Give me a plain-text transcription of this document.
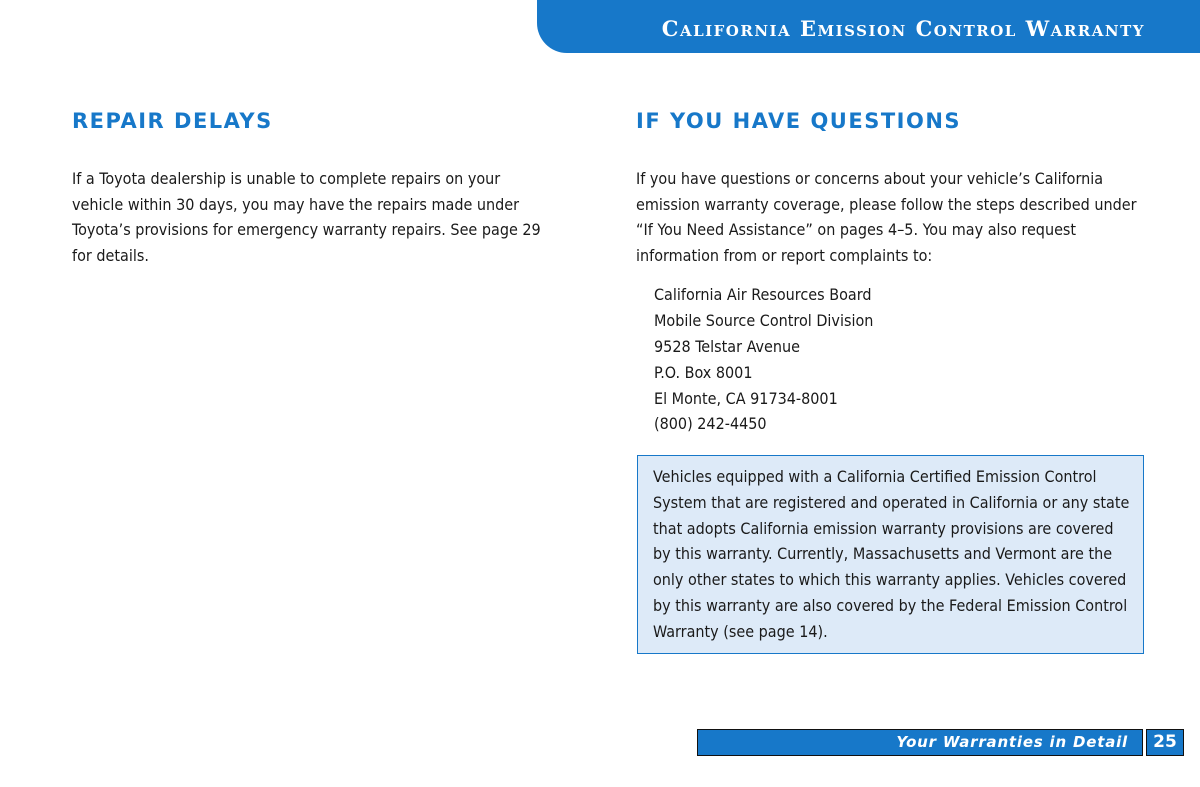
California Emission Control Warranty
REPAIR DELAYS

If a Toyota dealership is unable to complete repairs on your vehicle within 30 days, you may have the repairs made under Toyota’s provisions for emergency warranty repairs. See page 29 for details.

IF YOU HAVE QUESTIONS

If you have questions or concerns about your vehicle’s California emission warranty coverage, please follow the steps described under “If You Need Assistance” on pages 4–5. You may also request information from or report complaints to:

California Air Resources Board
Mobile Source Control Division
9528 Telstar Avenue
P.O. Box 8001
El Monte, CA 91734-8001
(800) 242-4450

Vehicles equipped with a California Certified Emission Control System that are registered and operated in California or any state that adopts California emission warranty provisions are covered by this warranty. Currently, Massachusetts and Vermont are the only other states to which this warranty applies. Vehicles covered by this warranty are also covered by the Federal Emission Control Warranty (see page 14).

Your Warranties in Detail	25
